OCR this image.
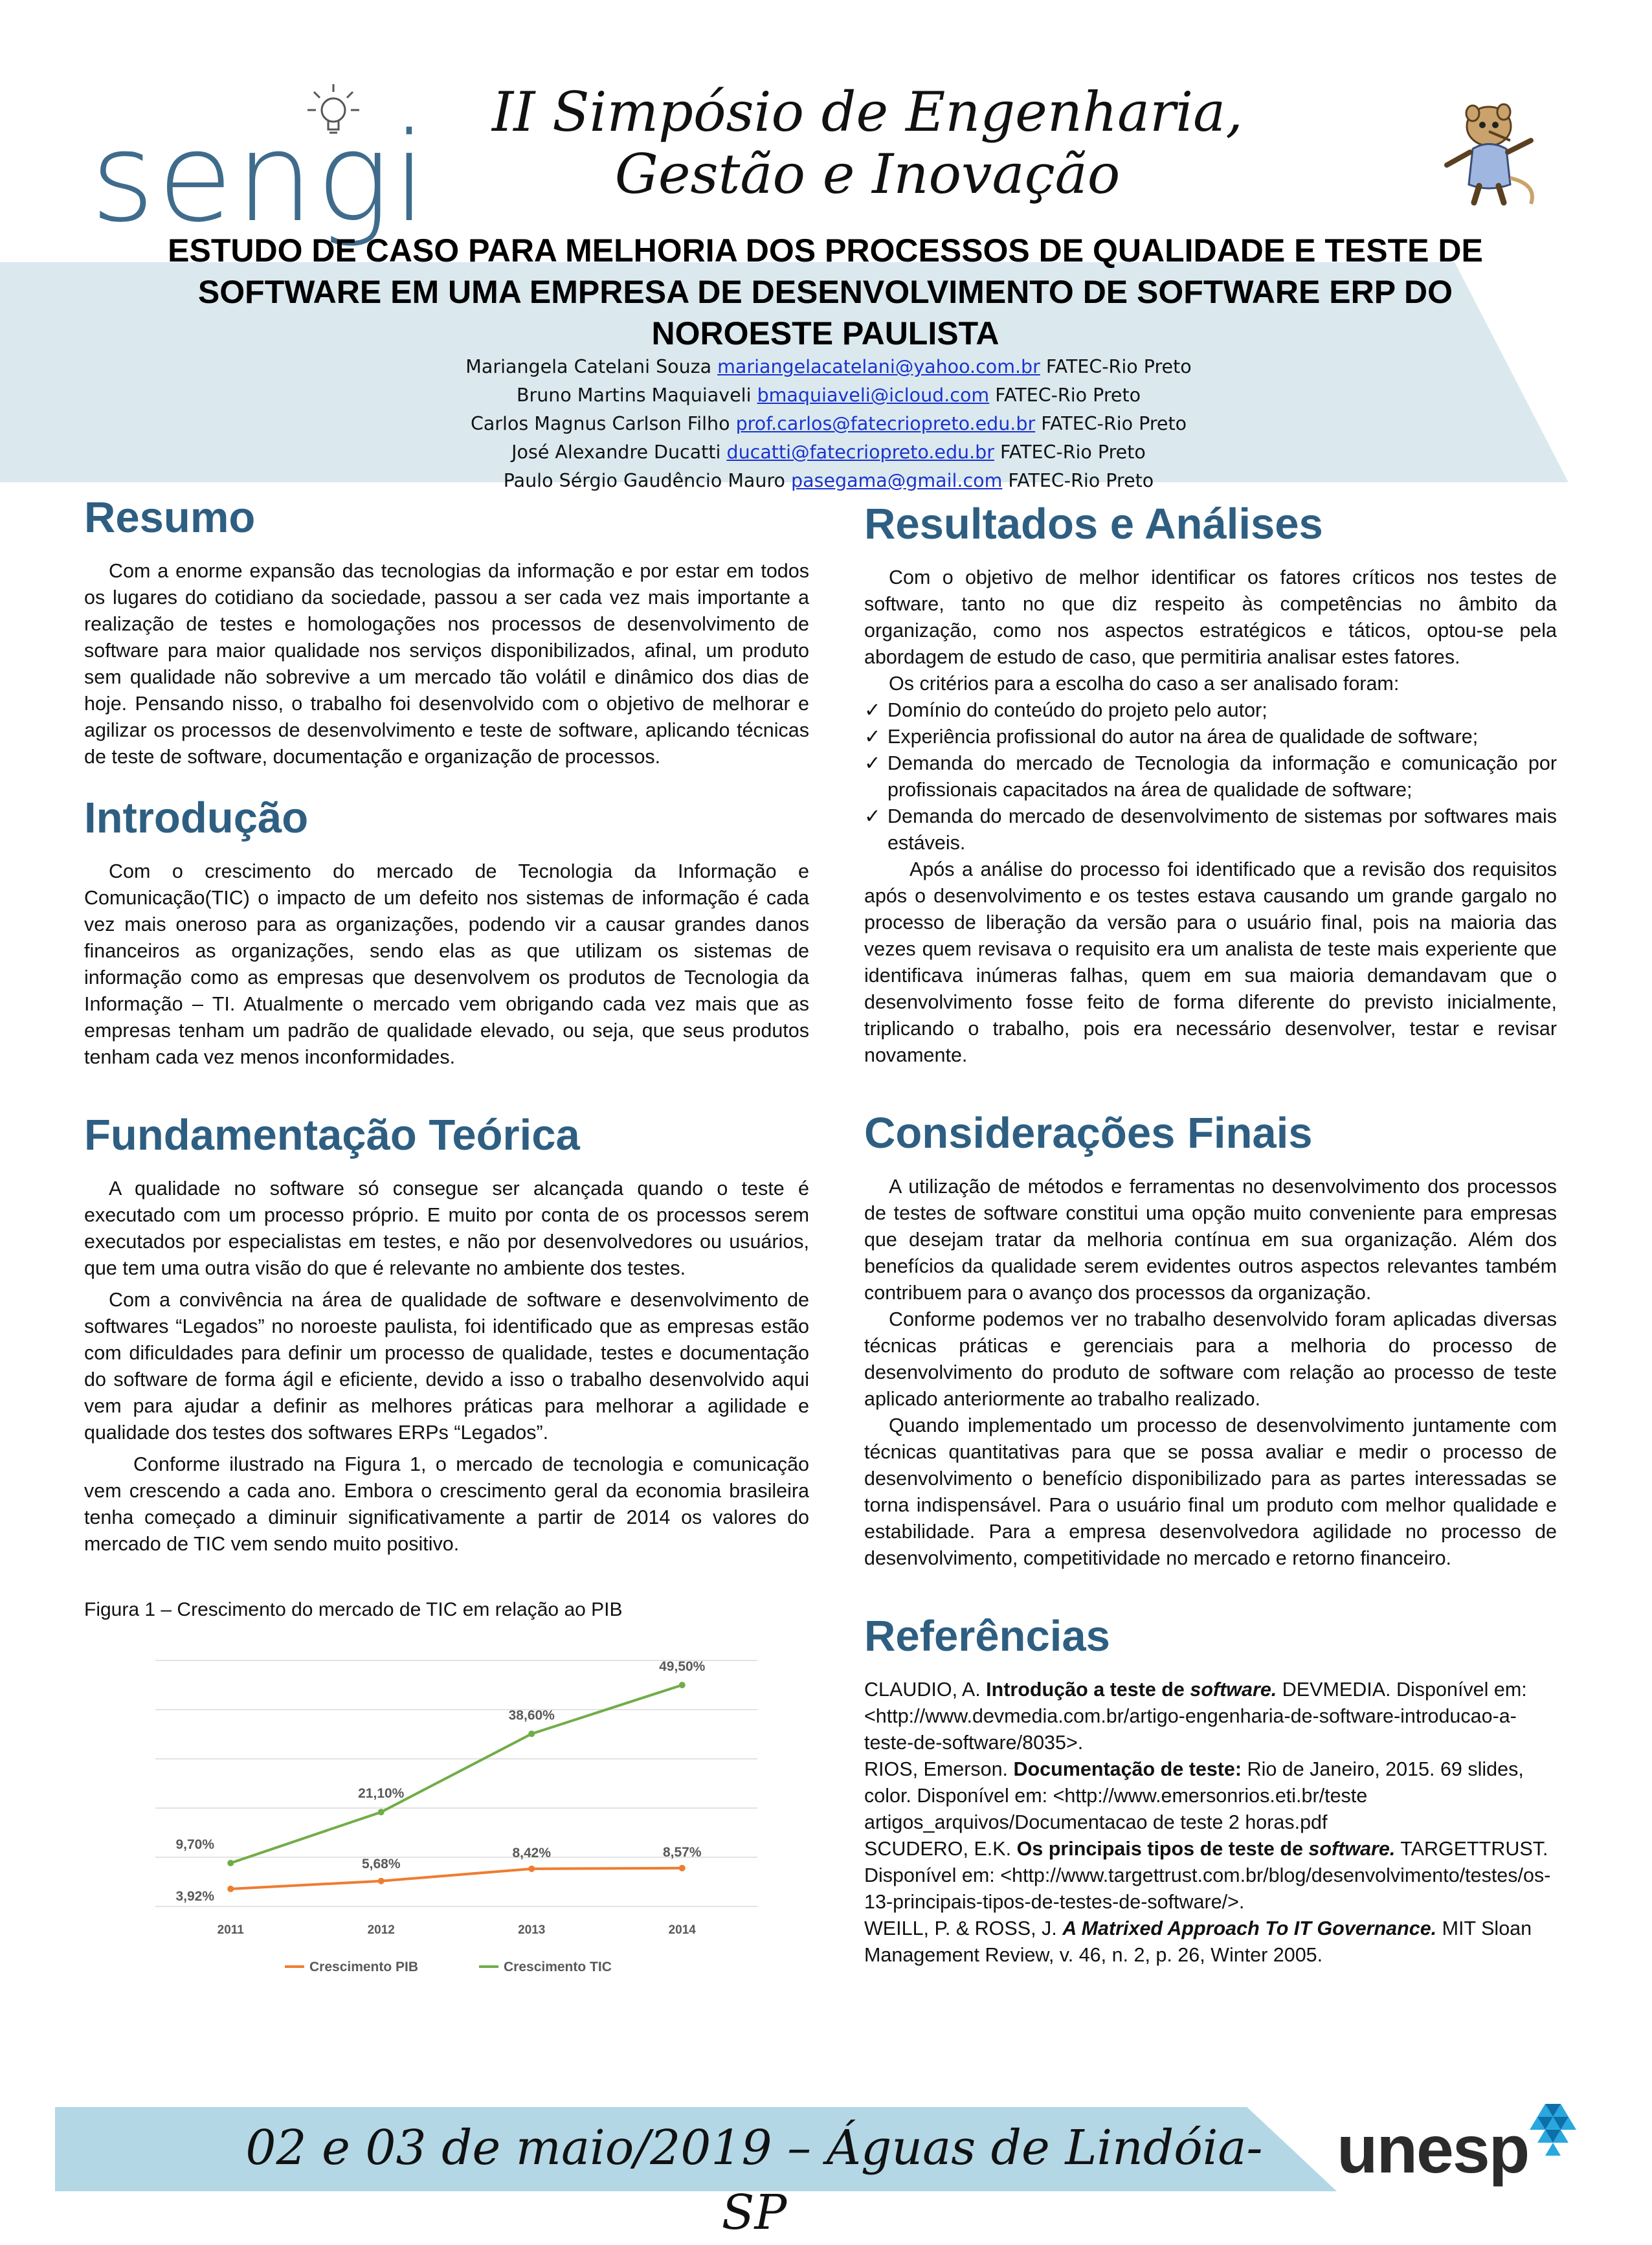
sengi	II Simpósio de Engenharia,
Gestão e Inovação
ESTUDO DE CASO PARA MELHORIA DOS PROCESSOS DE QUALIDADE E TESTE DE
SOFTWARE EM UMA EMPRESA DE DESENVOLVIMENTO DE SOFTWARE ERP DO
NOROESTE PAULISTA
Mariangela Catelani Souza mariangelacatelani@yahoo.com.br FATEC-Rio Preto
Bruno Martins Maquiaveli bmaquiaveli@icloud.com FATEC-Rio Preto
Carlos Magnus Carlson Filho prof.carlos@fatecriopreto.edu.br FATEC-Rio Preto
José Alexandre Ducatti ducatti@fatecriopreto.edu.br FATEC-Rio Preto
Paulo Sérgio Gaudêncio Mauro pasegama@gmail.com FATEC-Rio Preto
Resumo

Com a enorme expansão das tecnologias da informação e por estar em todos os lugares do cotidiano da sociedade, passou a ser cada vez mais importante a realização de testes e homologações nos processos de desenvolvimento de software para maior qualidade nos serviços disponibilizados, afinal, um produto sem qualidade não sobrevive a um mercado tão volátil e dinâmico dos dias de hoje. Pensando nisso, o trabalho foi desenvolvido com o objetivo de melhorar e agilizar os processos de desenvolvimento e teste de software, aplicando técnicas de teste de software, documentação e organização de processos.

Introdução

Com o crescimento do mercado de Tecnologia da Informação e Comunicação(TIC) o impacto de um defeito nos sistemas de informação é cada vez mais oneroso para as organizações, podendo vir a causar grandes danos financeiros as organizações, sendo elas as que utilizam os sistemas de informação como as empresas que desenvolvem os produtos de Tecnologia da Informação – TI. Atualmente o mercado vem obrigando cada vez mais que as empresas tenham um padrão de qualidade elevado, ou seja, que seus produtos tenham cada vez menos inconformidades.

Fundamentação Teórica

A qualidade no software só consegue ser alcançada quando o teste é executado com um processo próprio. E muito por conta de os processos serem executados por especialistas em testes, e não por desenvolvedores ou usuários, que tem uma outra visão do que é relevante no ambiente dos testes.

Com a convivência na área de qualidade de software e desenvolvimento de softwares “Legados” no noroeste paulista, foi identificado que as empresas estão com dificuldades para definir um processo de qualidade, testes e documentação do software de forma ágil e eficiente, devido a isso o trabalho desenvolvido aqui vem para ajudar a definir as melhores práticas para melhorar a agilidade e qualidade dos testes dos softwares ERPs “Legados”.

Conforme ilustrado na Figura 1, o mercado de tecnologia e comunicação vem crescendo a cada ano. Embora o crescimento geral da economia brasileira tenha começado a diminuir significativamente a partir de 2014 os valores do mercado de TIC vem sendo muito positivo.

Figura 1 – Crescimento do mercado de TIC em relação ao PIB
2011	2012	2013	2014
3,92%
5,68%
8,42%	8,57%
9,70%
21,10%
38,60%
49,50%
Crescimento PIB	Crescimento TIC
Resultados e Análises

Com o objetivo de melhor identificar os fatores críticos nos testes de software, tanto no que diz respeito às competências no âmbito da organização, como nos aspectos estratégicos e táticos, optou-se pela abordagem de estudo de caso, que permitiria analisar estes fatores.

Os critérios para a escolha do caso a ser analisado foram:

✓ Domínio do conteúdo do projeto pelo autor;
✓ Experiência profissional do autor na área de qualidade de software;
✓ Demanda do mercado de Tecnologia da informação e comunicação por profissionais capacitados na área de qualidade de software;
✓ Demanda do mercado de desenvolvimento de sistemas por softwares mais estáveis.

Após a análise do processo foi identificado que a revisão dos requisitos após o desenvolvimento e os testes estava causando um grande gargalo no processo de liberação da versão para o usuário final, pois na maioria das vezes quem revisava o requisito era um analista de teste mais experiente que identificava inúmeras falhas, quem em sua maioria demandavam que o desenvolvimento fosse feito de forma diferente do previsto inicialmente, triplicando o trabalho, pois era necessário desenvolver, testar e revisar novamente.

Considerações Finais

A utilização de métodos e ferramentas no desenvolvimento dos processos de testes de software constitui uma opção muito conveniente para empresas que desejam tratar da melhoria contínua em sua organização. Além dos benefícios da qualidade serem evidentes outros aspectos relevantes também contribuem para o avanço dos processos da organização.

Conforme podemos ver no trabalho desenvolvido foram aplicadas diversas técnicas práticas e gerenciais para a melhoria do processo de desenvolvimento do produto de software com relação ao processo de teste aplicado anteriormente ao trabalho realizado.

Quando implementado um processo de desenvolvimento juntamente com técnicas quantitativas para que se possa avaliar e medir o processo de desenvolvimento o benefício disponibilizado para as partes interessadas se torna indispensável. Para o usuário final um produto com melhor qualidade e estabilidade. Para a empresa desenvolvedora agilidade no processo de desenvolvimento, competitividade no mercado e retorno financeiro.

Referências

CLAUDIO, A. Introdução a teste de software. DEVMEDIA. Disponível em: <http://www.devmedia.com.br/artigo-engenharia-de-software-introducao-a-teste-de-software/8035>.

RIOS, Emerson. Documentação de teste: Rio de Janeiro, 2015. 69 slides, color. Disponível em: <http://www.emersonrios.eti.br/teste artigos_arquivos/Documentacao de teste 2 horas.pdf

SCUDERO, E.K. Os principais tipos de teste de software. TARGETTRUST. Disponível em: <http://www.targettrust.com.br/blog/desenvolvimento/testes/os-13-principais-tipos-de-testes-de-software/>.

WEILL, P. & ROSS, J. A Matrixed Approach To IT Governance. MIT Sloan Management Review, v. 46, n. 2, p. 26, Winter 2005.

02 e 03 de maio/2019 – Águas de Lindóia-SP
unesp
